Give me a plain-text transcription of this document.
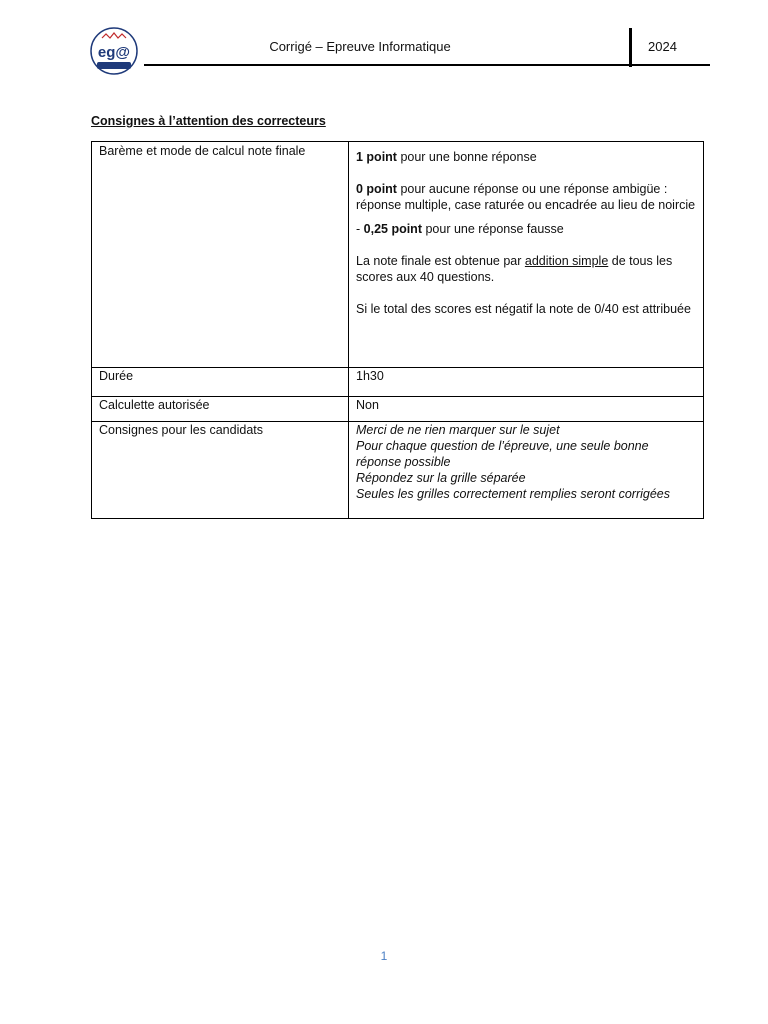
eg@	Corrigé – Epreuve Informatique	2024
Consignes à l’attention des correcteurs
Barème et mode de calcul note finale	1 point pour une bonne réponse

0 point pour aucune réponse ou une réponse ambigüe : réponse multiple, case raturée ou encadrée au lieu de noircie

- 0,25 point pour une réponse fausse

La note finale est obtenue par addition simple de tous les scores aux 40 questions.

Si le total des scores est négatif la note de 0/40 est attribuée

Durée	1h30
Calculette autorisée	Non
Consignes pour les candidats	Merci de ne rien marquer sur le sujet
Pour chaque question de l’épreuve, une seule bonne réponse possible
Répondez sur la grille séparée
Seules les grilles correctement remplies seront corrigées
1
